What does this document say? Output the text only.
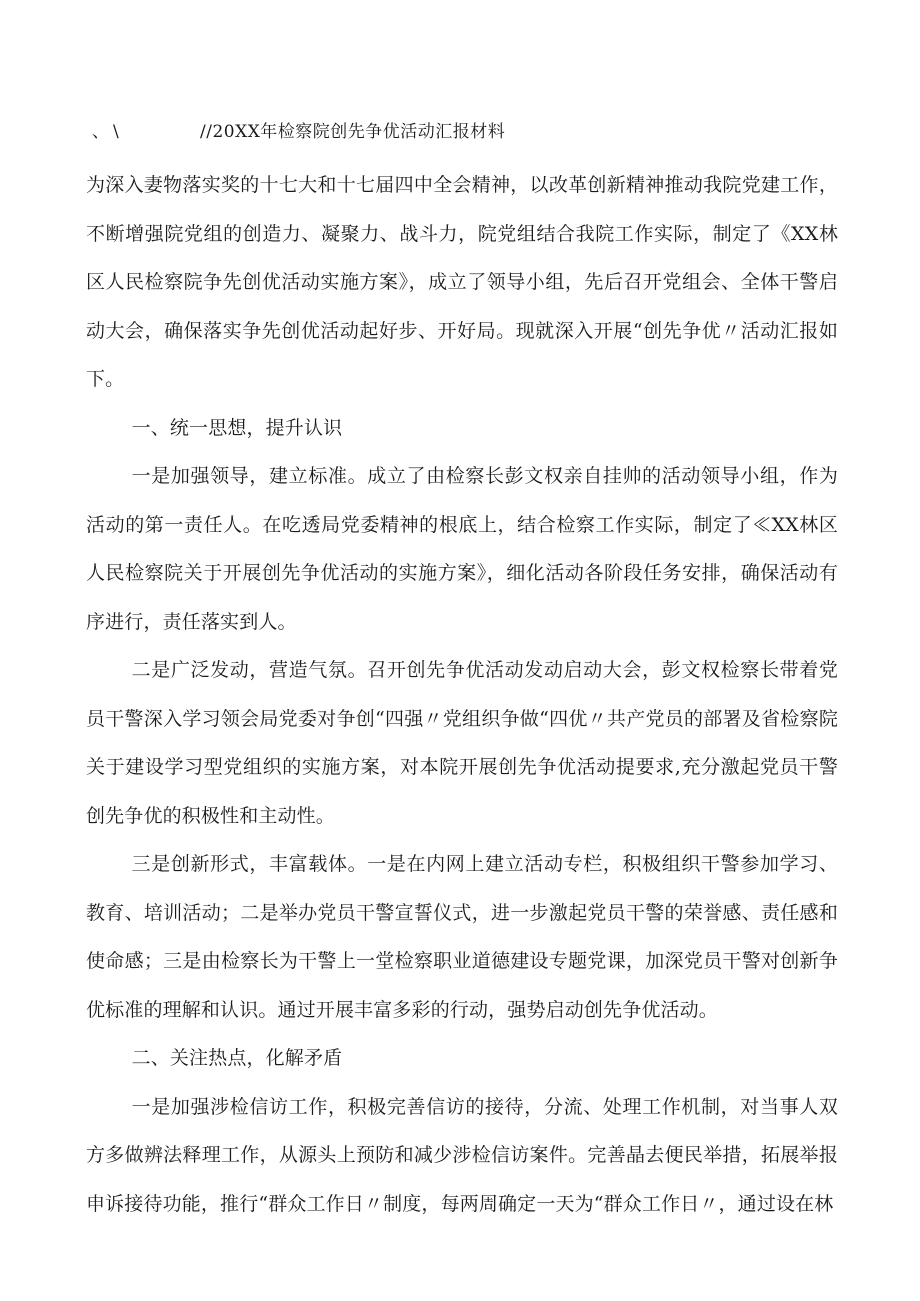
、\	//20XX年检察院创先争优活动汇报材料

为深入妻物落实奖的十七大和十七届四中全会精神，以改革创新精神推动我院党建工作，不断增强院党组的创造力、凝聚力、战斗力，院党组结合我院工作实际，制定了《XX林区人民检察院争先创优活动实施方案》，成立了领导小组，先后召开党组会、全体干警启动大会，确保落实争先创优活动起好步、开好局。现就深入开展“创先争优〃活动汇报如下。

一、统一思想，提升认识

一是加强领导，建立标准。成立了由检察长彭文权亲自挂帅的活动领导小组，作为活动的第一责任人。在吃透局党委精神的根底上，结合检察工作实际，制定了≪XX林区人民检察院关于开展创先争优活动的实施方案》，细化活动各阶段任务安排，确保活动有序进行，责任落实到人。

二是广泛发动，营造气氛。召开创先争优活动发动启动大会，彭文权检察长带着党员干警深入学习领会局党委对争创“四强〃党组织争做“四优〃共产党员的部署及省检察院关于建设学习型党组织的实施方案，对本院开展创先争优活动提要求,充分激起党员干警创先争优的积极性和主动性。

三是创新形式，丰富载体。一是在内网上建立活动专栏，积极组织干警参加学习、教育、培训活动；二是举办党员干警宣誓仪式，进一步激起党员干警的荣誉感、责任感和使命感；三是由检察长为干警上一堂检察职业道德建设专题党课，加深党员干警对创新争优标准的理解和认识。通过开展丰富多彩的行动，强势启动创先争优活动。

二、关注热点，化解矛盾

一是加强涉检信访工作，积极完善信访的接待，分流、处理工作机制，对当事人双方多做辨法释理工作，从源头上预防和减少涉检信访案件。完善晶去便民举措，拓展举报申诉接待功能，推行“群众工作日〃制度，每两周确定一天为“群众工作日〃，通过设在林
